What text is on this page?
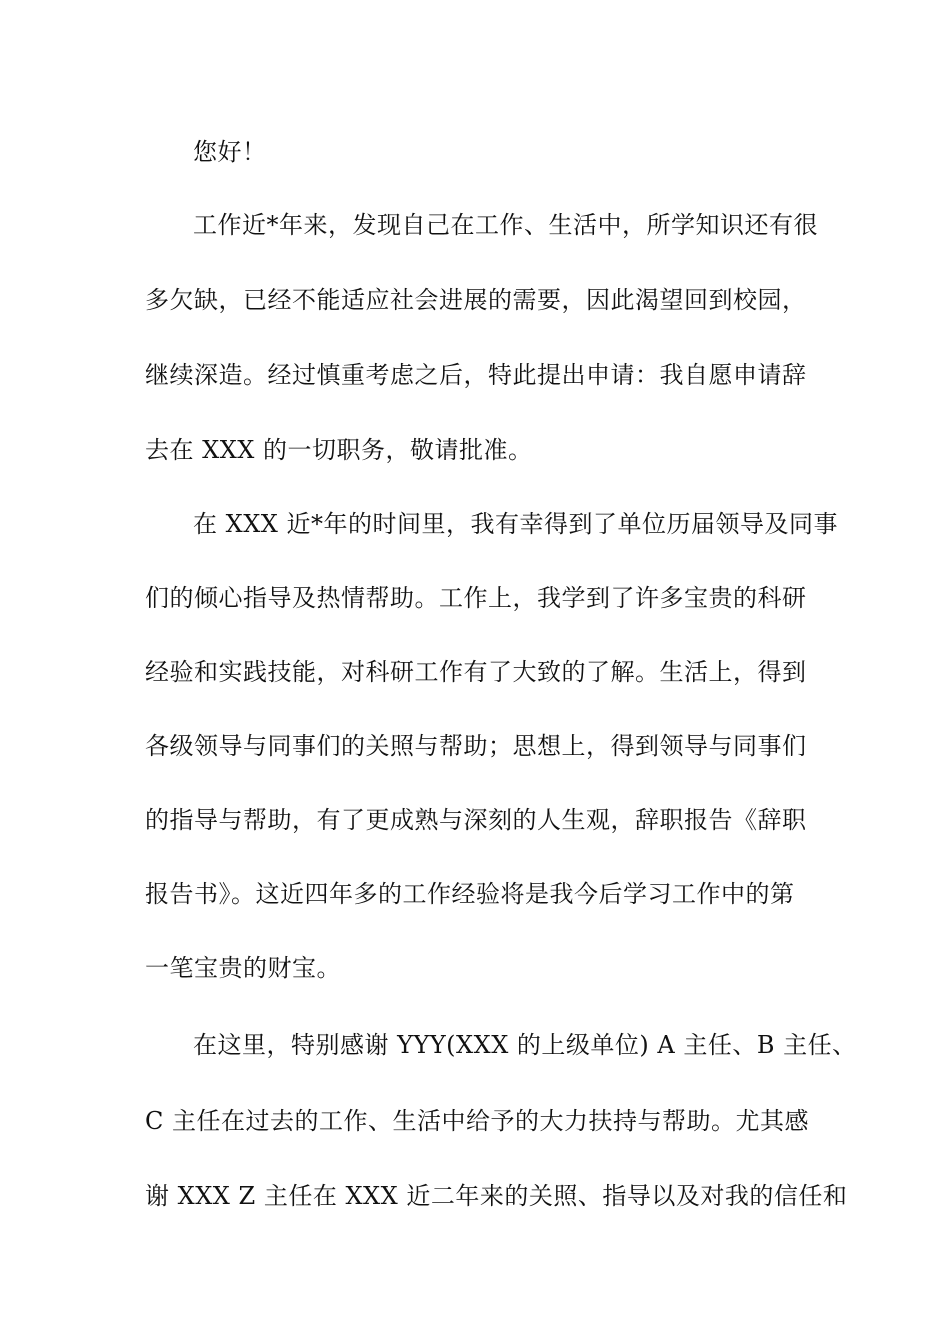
您好！
工作近*年来，发现自己在工作、生活中，所学知识还有很
多欠缺，已经不能适应社会进展的需要，因此渴望回到校园，
继续深造。经过慎重考虑之后，特此提出申请：我自愿申请辞
去在 XXX 的一切职务，敬请批准。
在 XXX 近*年的时间里，我有幸得到了单位历届领导及同事
们的倾心指导及热情帮助。工作上，我学到了许多宝贵的科研
经验和实践技能，对科研工作有了大致的了解。生活上，得到
各级领导与同事们的关照与帮助；思想上，得到领导与同事们
的指导与帮助，有了更成熟与深刻的人生观，辞职报告《辞职
报告书》。这近四年多的工作经验将是我今后学习工作中的第
一笔宝贵的财宝。
在这里，特别感谢 YYY(XXX 的上级单位) A 主任、B 主任、
C 主任在过去的工作、生活中给予的大力扶持与帮助。尤其感
谢 XXX Z 主任在 XXX 近二年来的关照、指导以及对我的信任和
